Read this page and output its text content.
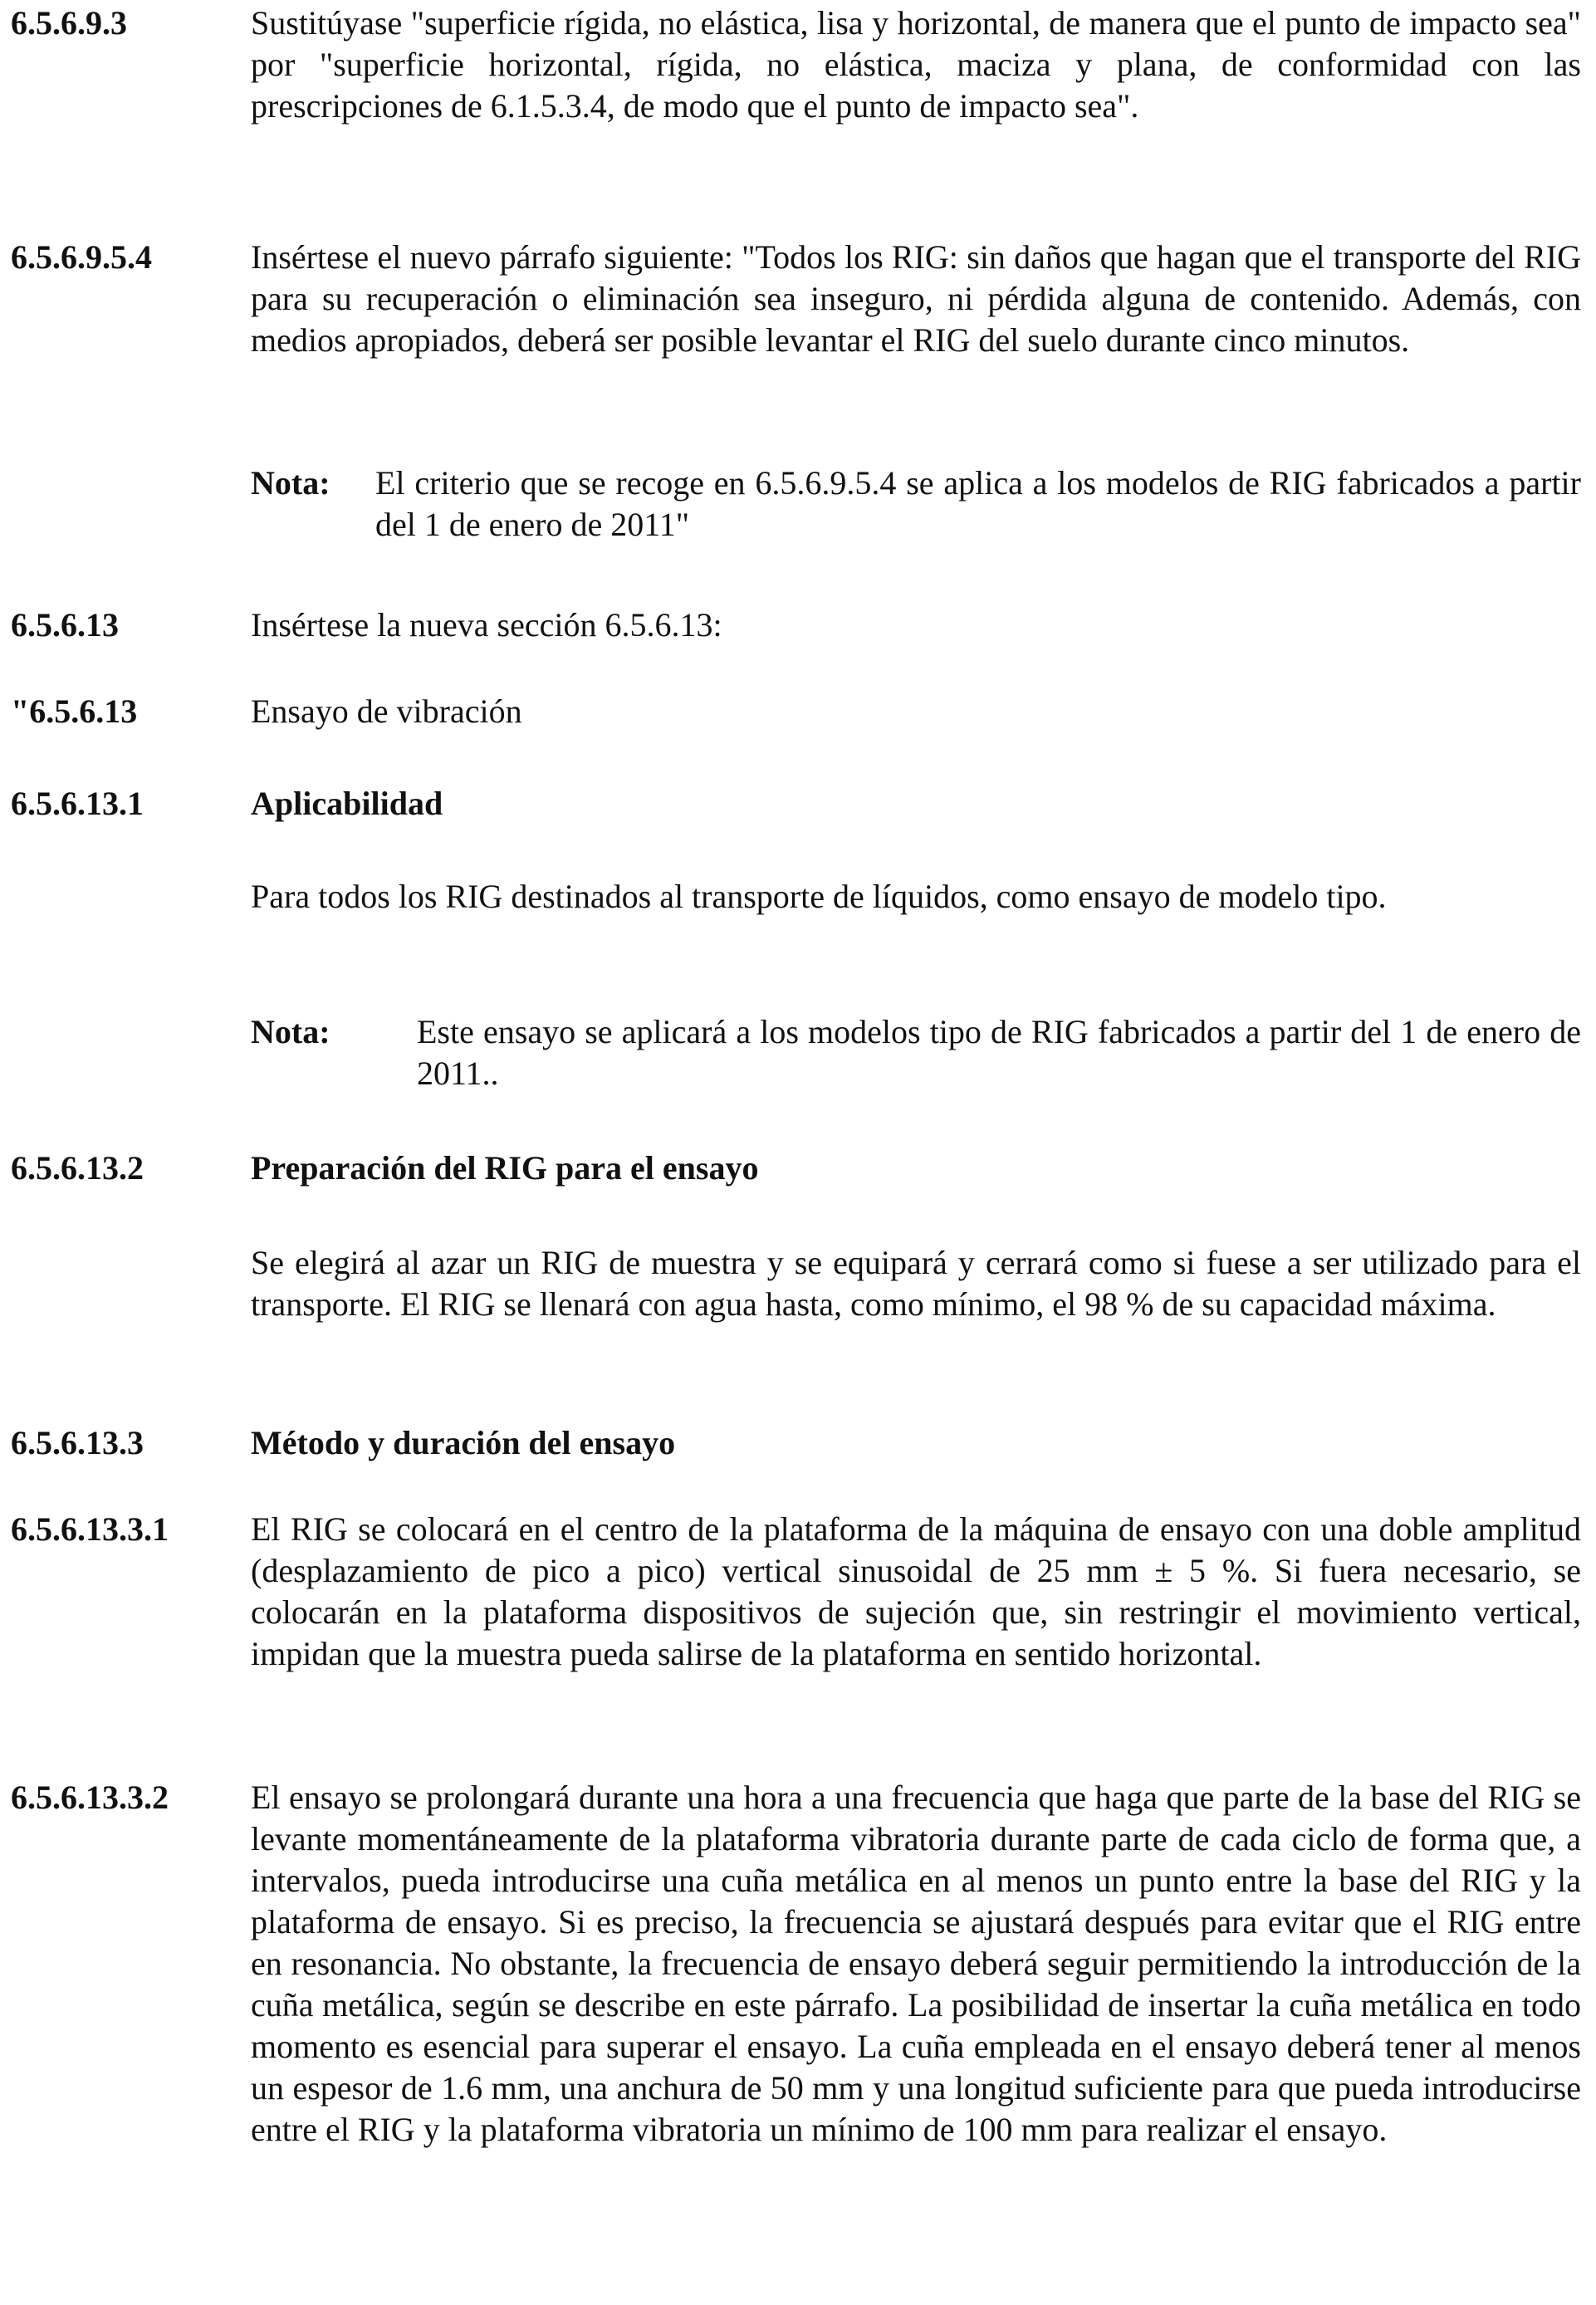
6.5.6.9.3	Sustitúyase "superficie rígida, no elástica, lisa y horizontal, de manera que el punto de impacto sea" por "superficie horizontal, rígida, no elástica, maciza y plana, de conformidad con las prescripciones de 6.1.5.3.4, de modo que el punto de impacto sea".
6.5.6.9.5.4	Insértese el nuevo párrafo siguiente: "Todos los RIG: sin daños que hagan que el transporte del RIG para su recuperación o eliminación sea inseguro, ni pérdida alguna de contenido. Además, con medios apropiados, deberá ser posible levantar el RIG del suelo durante cinco minutos.
Nota: El criterio que se recoge en 6.5.6.9.5.4 se aplica a los modelos de RIG fabricados a partir del 1 de enero de 2011"
6.5.6.13	Insértese la nueva sección 6.5.6.13:
"6.5.6.13	Ensayo de vibración
6.5.6.13.1	Aplicabilidad
Para todos los RIG destinados al transporte de líquidos, como ensayo de modelo tipo.
Nota:	Este ensayo se aplicará a los modelos tipo de RIG fabricados a partir del 1 de enero de 2011..
6.5.6.13.2	Preparación del RIG para el ensayo
Se elegirá al azar un RIG de muestra y se equipará y cerrará como si fuese a ser utilizado para el transporte. El RIG se llenará con agua hasta, como mínimo, el 98 % de su capacidad máxima.
6.5.6.13.3	Método y duración del ensayo
6.5.6.13.3.1 El RIG se colocará en el centro de la plataforma de la máquina de ensayo con una doble amplitud (desplazamiento de pico a pico) vertical sinusoidal de 25 mm ± 5 %. Si fuera necesario, se colocarán en la plataforma dispositivos de sujeción que, sin restringir el movimiento vertical, impidan que la muestra pueda salirse de la plataforma en sentido horizontal.
6.5.6.13.3.2 El ensayo se prolongará durante una hora a una frecuencia que haga que parte de la base del RIG se levante momentáneamente de la plataforma vibratoria durante parte de cada ciclo de forma que, a intervalos, pueda introducirse una cuña metálica en al menos un punto entre la base del RIG y la plataforma de ensayo. Si es preciso, la frecuencia se ajustará después para evitar que el RIG entre en resonancia. No obstante, la frecuencia de ensayo deberá seguir permitiendo la introducción de la cuña metálica, según se describe en este párrafo. La posibilidad de insertar la cuña metálica en todo momento es esencial para superar el ensayo. La cuña empleada en el ensayo deberá tener al menos un espesor de 1.6 mm, una anchura de 50 mm y una longitud suficiente para que pueda introducirse entre el RIG y la plataforma vibratoria un mínimo de 100 mm para realizar el ensayo.
